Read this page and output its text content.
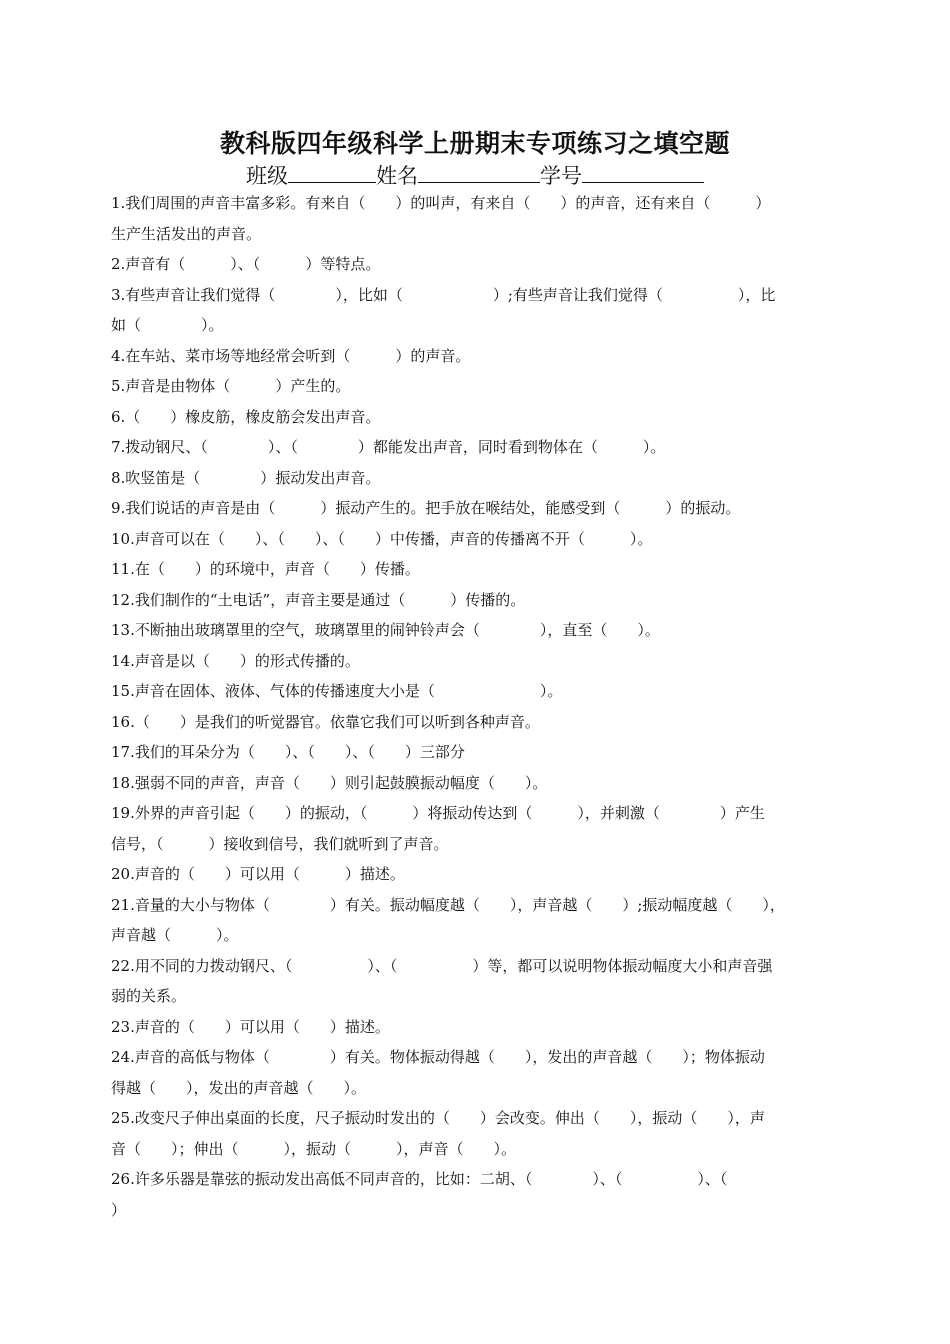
教科版四年级科学上册期末专项练习之填空题
班级	姓名	学号
1.我们周围的声音丰富多彩。有来自（　　）的叫声，有来自（　　）的声音，还有来自（　　　）
生产生活发出的声音。
2.声音有（　　　）、（　　　）等特点。
3.有些声音让我们觉得（　　　　），比如（　　　　　　）;有些声音让我们觉得（　　　　　），比
如（　　　　）。
4.在车站、菜市场等地经常会听到（　　　）的声音。
5.声音是由物体（　　　）产生的。
6.（　　）橡皮筋，橡皮筋会发出声音。
7.拨动钢尺、（　　　　）、（　　　　）都能发出声音，同时看到物体在（　　　）。
8.吹竖笛是（　　　　）振动发出声音。
9.我们说话的声音是由（　　　）振动产生的。把手放在喉结处，能感受到（　　　）的振动。
10.声音可以在（　　）、（　　）、（　　）中传播，声音的传播离不开（　　　）。
11.在（　　）的环境中，声音（　　）传播。
12.我们制作的“土电话”，声音主要是通过（　　　）传播的。
13.不断抽出玻璃罩里的空气，玻璃罩里的闹钟铃声会（　　　　），直至（　　）。
14.声音是以（　　）的形式传播的。
15.声音在固体、液体、气体的传播速度大小是（　　　　　　　）。
16.（　　）是我们的听觉器官。依靠它我们可以听到各种声音。
17.我们的耳朵分为（　　）、（　　）、（　　）三部分
18.强弱不同的声音，声音（　　）则引起鼓膜振动幅度（　　）。
19.外界的声音引起（　　）的振动，（　　　）将振动传达到（　　　），并刺激（　　　　）产生
信号，（　　　）接收到信号，我们就听到了声音。
20.声音的（　　）可以用（　　　）描述。
21.音量的大小与物体（　　　　）有关。振动幅度越（　　），声音越（　　）;振动幅度越（　　），
声音越（　　　）。
22.用不同的力拨动钢尺、（　　　　　）、（　　　　　）等，都可以说明物体振动幅度大小和声音强
弱的关系。
23.声音的（　　）可以用（　　）描述。
24.声音的高低与物体（　　　　）有关。物体振动得越（　　），发出的声音越（　　）；物体振动
得越（　　），发出的声音越（　　）。
25.改变尺子伸出桌面的长度，尺子振动时发出的（　　）会改变。伸出（　　），振动（　　），声
音（　　）；伸出（　　　），振动（　　　），声音（　　）。
26.许多乐器是靠弦的振动发出高低不同声音的，比如：二胡、（　　　　）、（　　　　　）、（
）
